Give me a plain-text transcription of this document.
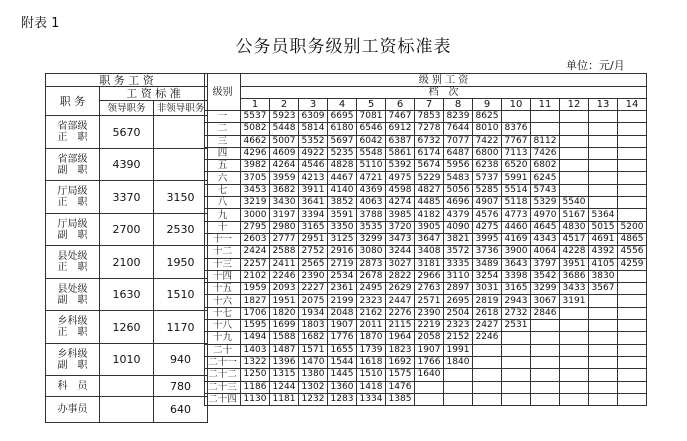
附表 1
公务员职务级别工资标准表
单位：元/月
职 务 工 资		
职 务	工 资 标 准	
	领导职务	非领导职务

省部级
正　职	5670	

省部级
副　职	4390	

厅局级
正　职	3370	3150

厅局级
副　职	2700	2530

县处级
正　职	2100	1950

县处级
副　职	1630	1510

乡科级
正　职	1260	1170

乡科级
副　职	1010	940

科　员		780

办事员		640
级别	级 别 工 资													
	档　次													
	1	2	3	4	5	6	7	8	9	10	11	12	13	14
一	5537	5923	6309	6695	7081	7467	7853	8239	8625					
二	5082	5448	5814	6180	6546	6912	7278	7644	8010	8376				
三	4662	5007	5352	5697	6042	6387	6732	7077	7422	7767	8112			
四	4296	4609	4922	5235	5548	5861	6174	6487	6800	7113	7426			
五	3982	4264	4546	4828	5110	5392	5674	5956	6238	6520	6802			
六	3705	3959	4213	4467	4721	4975	5229	5483	5737	5991	6245			
七	3453	3682	3911	4140	4369	4598	4827	5056	5285	5514	5743			
八	3219	3430	3641	3852	4063	4274	4485	4696	4907	5118	5329	5540		
九	3000	3197	3394	3591	3788	3985	4182	4379	4576	4773	4970	5167	5364	
十	2795	2980	3165	3350	3535	3720	3905	4090	4275	4460	4645	4830	5015	5200
十一	2603	2777	2951	3125	3299	3473	3647	3821	3995	4169	4343	4517	4691	4865
十二	2424	2588	2752	2916	3080	3244	3408	3572	3736	3900	4064	4228	4392	4556
十三	2257	2411	2565	2719	2873	3027	3181	3335	3489	3643	3797	3951	4105	4259
十四	2102	2246	2390	2534	2678	2822	2966	3110	3254	3398	3542	3686	3830	
十五	1959	2093	2227	2361	2495	2629	2763	2897	3031	3165	3299	3433	3567	
十六	1827	1951	2075	2199	2323	2447	2571	2695	2819	2943	3067	3191		
十七	1706	1820	1934	2048	2162	2276	2390	2504	2618	2732	2846			
十八	1595	1699	1803	1907	2011	2115	2219	2323	2427	2531				
十九	1494	1588	1682	1776	1870	1964	2058	2152	2246					
二十	1403	1487	1571	1655	1739	1823	1907	1991						
二十一	1322	1396	1470	1544	1618	1692	1766	1840						
二十二	1250	1315	1380	1445	1510	1575	1640							
二十三	1186	1244	1302	1360	1418	1476								
二十四	1130	1181	1232	1283	1334	1385								
